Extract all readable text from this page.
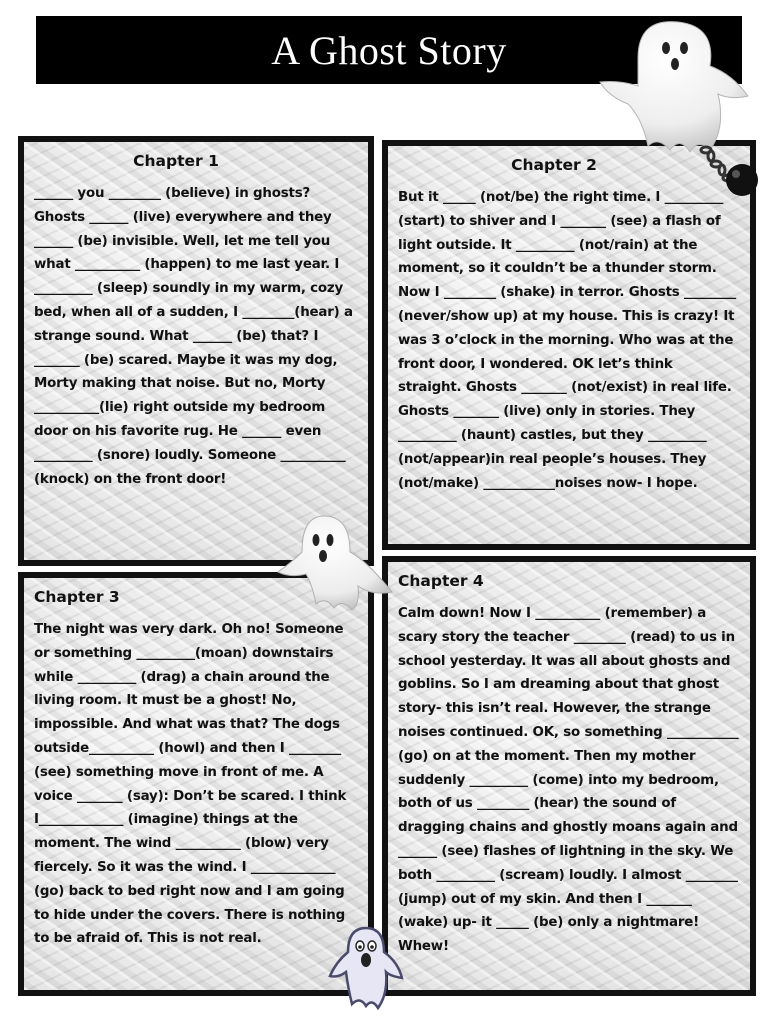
A Ghost Story
Chapter 1

______ you ________ (believe) in ghosts? Ghosts ______ (live) everywhere and they ______ (be) invisible. Well, let me tell you what __________ (happen) to me last year. I _________ (sleep) soundly in my warm, cozy bed, when all of a sudden, I ________(hear) a strange sound. What ______ (be) that? I _______ (be) scared. Maybe it was my dog, Morty making that noise. But no, Morty __________(lie) right outside my bedroom door on his favorite rug. He ______ even _________ (snore) loudly. Someone __________ (knock) on the front door!

Chapter 2

But it _____ (not/be) the right time. I _________ (start) to shiver and I _______ (see) a flash of light outside. It _________ (not/rain) at the moment, so it couldn’t be a thunder storm. Now I ________ (shake) in terror. Ghosts ________ (never/show up) at my house. This is crazy! It was 3 o’clock in the morning. Who was at the front door, I wondered. OK let’s think straight. Ghosts _______ (not/exist) in real life. Ghosts _______ (live) only in stories. They _________ (haunt) castles, but they _________ (not/appear)in real people’s houses. They (not/make) ___________noises now- I hope.

Chapter 3

The night was very dark. Oh no! Someone or something _________(moan) downstairs while _________ (drag) a chain around the living room. It must be a ghost! No, impossible. And what was that? The dogs outside__________ (howl) and then I ________ (see) something move in front of me. A voice _______ (say): Don’t be scared. I think I_____________ (imagine) things at the moment. The wind __________ (blow) very fiercely. So it was the wind. I _____________ (go) back to bed right now and I am going to hide under the covers. There is nothing to be afraid of. This is not real.

Chapter 4

Calm down! Now I __________ (remember) a scary story the teacher ________ (read) to us in school yesterday. It was all about ghosts and goblins. So I am dreaming about that ghost story- this isn’t real. However, the strange noises continued. OK, so something ___________ (go) on at the moment. Then my mother suddenly _________ (come) into my bedroom, both of us ________ (hear) the sound of dragging chains and ghostly moans again and ______ (see) flashes of lightning in the sky. We both _________ (scream) loudly. I almost ________ (jump) out of my skin. And then I _______ (wake) up- it _____ (be) only a nightmare! Whew!
